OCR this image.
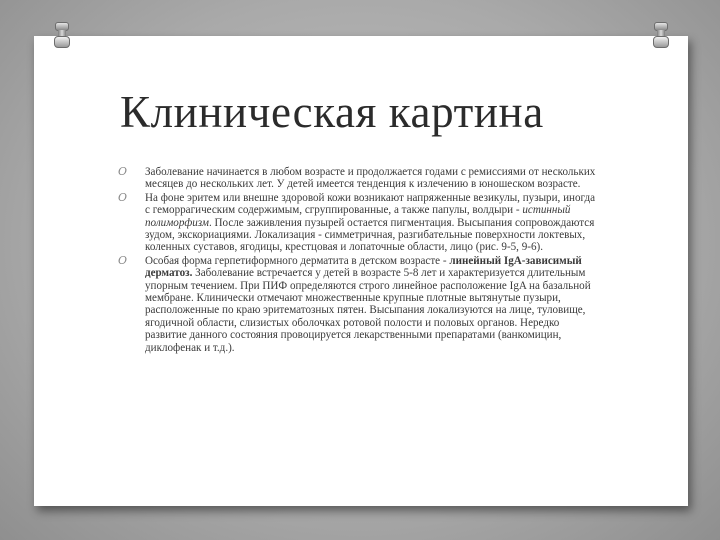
Клиническая картина
O Заболевание начинается в любом возрасте и продолжается годами с ремиссиями от нескольких месяцев до нескольких лет. У детей имеется тенденция к излечению в юношеском возрасте.
O На фоне эритем или внешне здоровой кожи возникают напряженные везикулы, пузыри, иногда с геморрагическим содержимым, сгруппированные, а также папулы, волдыри - истинный полиморфизм. После заживления пузырей остается пигментация. Высыпания сопровождаются зудом, экскориациями. Локализация - симметричная, разгибательные поверхности локтевых, коленных суставов, ягодицы, крестцовая и лопаточные области, лицо (рис. 9-5, 9-6).
O Особая форма герпетиформного дерматита в детском возрасте - линейный IgA-зависимый дерматоз. Заболевание встречается у детей в возрасте 5-8 лет и характеризуется длительным упорным течением. При ПИФ определяются строго линейное расположение IgA на базальной мембране. Клинически отмечают множественные крупные плотные вытянутые пузыри, расположенные по краю эритематозных пятен. Высыпания локализуются на лице, туловище, ягодичной области, слизистых оболочках ротовой полости и половых органов. Нередко развитие данного состояния провоцируется лекарственными препаратами (ванкомицин, диклофенак и т.д.).
